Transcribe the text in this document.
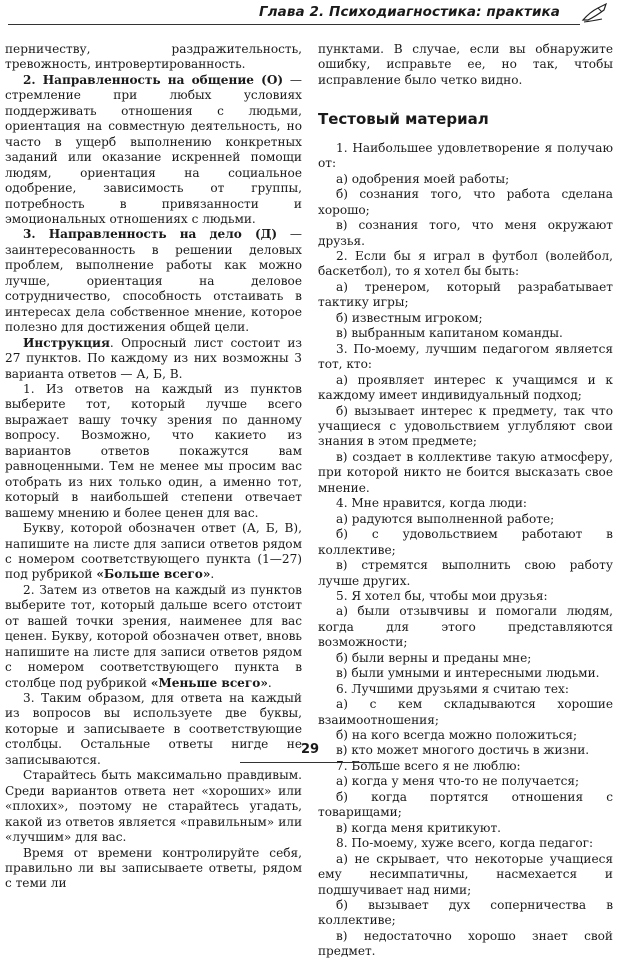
Глава 2. Психодиагностика: практика

перничеству, раздражительность, тревожность, интровертированность.

2. Направленность на общение (О) — стремление при любых условиях поддерживать отношения с людьми, ориентация на совместную деятельность, но часто в ущерб выполнению конкретных заданий или оказание искренней помощи людям, ориентация на социальное одобрение, зависимость от группы, потребность в привязанности и эмоциональных отношениях с людьми.

3. Направленность на дело (Д) — заинтересованность в решении деловых проблем, выполнение работы как можно лучше, ориентация на деловое сотрудничество, способность отстаивать в интересах дела собственное мнение, которое полезно для достижения общей цели.

Инструкция. Опросный лист состоит из 27 пунктов. По каждому из них возможны 3 варианта ответов — А, Б, В.

1. Из ответов на каждый из пунктов выберите тот, который лучше всего выражает вашу точку зрения по данному вопросу. Возможно, что какието из вариантов ответов покажутся вам равноценными. Тем не менее мы просим вас отобрать из них только один, а именно тот, который в наибольшей степени отвечает вашему мнению и более ценен для вас.

Букву, которой обозначен ответ (А, Б, В), напишите на листе для записи ответов рядом с номером соответствующего пункта (1—27) под рубрикой «Больше всего».

2. Затем из ответов на каждый из пунктов выберите тот, который дальше всего отстоит от вашей точки зрения, наименее для вас ценен. Букву, которой обозначен ответ, вновь напишите на листе для записи ответов рядом с номером соответствующего пункта в столбце под рубрикой «Меньше всего».

3. Таким образом, для ответа на каждый из вопросов вы используете две буквы, которые и записываете в соответствующие столбцы. Остальные ответы нигде не записываются.

Старайтесь быть максимально правдивым. Среди вариантов ответа нет «хороших» или «плохих», поэтому не старайтесь угадать, какой из ответов является «правильным» или «лучшим» для вас.

Время от времени контролируйте себя, правильно ли вы записываете ответы, рядом с теми ли

пунктами. В случае, если вы обнаружите ошибку, исправьте ее, но так, чтобы исправление было четко видно.

Тестовый материал

1. Наибольшее удовлетворение я получаю от:

а) одобрения моей работы;

б) сознания того, что работа сделана хорошо;

в) сознания того, что меня окружают друзья.

2. Если бы я играл в футбол (волейбол, баскетбол), то я хотел бы быть:

а) тренером, который разрабатывает тактику игры;

б) известным игроком;

в) выбранным капитаном команды.

3. По-моему, лучшим педагогом является тот, кто:

а) проявляет интерес к учащимся и к каждому имеет индивидуальный подход;

б) вызывает интерес к предмету, так что учащиеся с удовольствием углубляют свои знания в этом предмете;

в) создает в коллективе такую атмосферу, при которой никто не боится высказать свое мнение.

4. Мне нравится, когда люди:

а) радуются выполненной работе;

б) с удовольствием работают в коллективе;

в) стремятся выполнить свою работу лучше других.

5. Я хотел бы, чтобы мои друзья:

а) были отзывчивы и помогали людям, когда для этого представляются возможности;

б) были верны и преданы мне;

в) были умными и интересными людьми.

6. Лучшими друзьями я считаю тех:

а) с кем складываются хорошие взаимоотношения;

б) на кого всегда можно положиться;

в) кто может многого достичь в жизни.

7. Больше всего я не люблю:

а) когда у меня что-то не получается;

б) когда портятся отношения с товарищами;

в) когда меня критикуют.

8. По-моему, хуже всего, когда педагог:

а) не скрывает, что некоторые учащиеся ему несимпатичны, насмехается и подшучивает над ними;

б) вызывает дух соперничества в коллективе;

в) недостаточно хорошо знает свой предмет.

29
